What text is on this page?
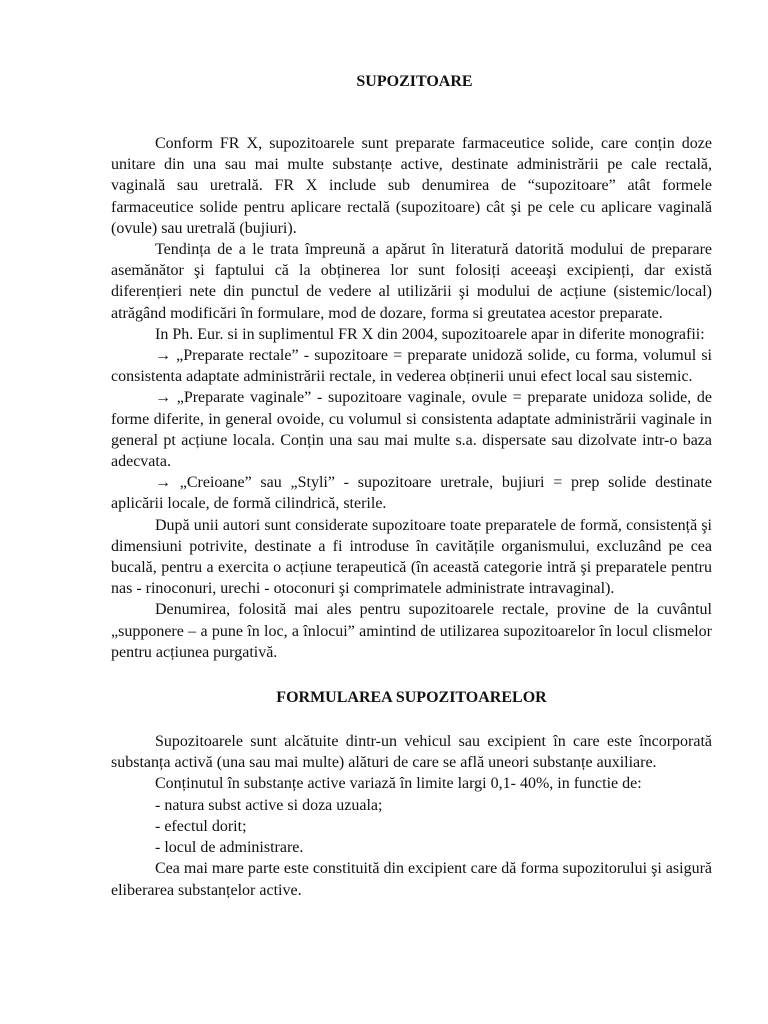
SUPOZITOARE

Conform FR X, supozitoarele sunt preparate farmaceutice solide, care conțin doze unitare din una sau mai multe substanțe active, destinate administrării pe cale rectală, vaginală sau uretrală. FR X include sub denumirea de “supozitoare” atât formele farmaceutice solide pentru aplicare rectală (supozitoare) cât şi pe cele cu aplicare vaginală (ovule) sau uretrală (bujiuri).

Tendința de a le trata împreună a apărut în literatură datorită modului de preparare asemănător şi faptului că la obținerea lor sunt folosiți aceeaşi excipienți, dar există diferențieri nete din punctul de vedere al utilizării şi modului de acțiune (sistemic/local) atrăgând modificări în formulare, mod de dozare, forma si greutatea acestor preparate.

In Ph. Eur. si in suplimentul FR X din 2004, supozitoarele apar in diferite monografii:

→ „Preparate rectale” - supozitoare = preparate unidoză solide, cu forma, volumul si consistenta adaptate administrării rectale, in vederea obținerii unui efect local sau sistemic.

→ „Preparate vaginale” - supozitoare vaginale, ovule = preparate unidoza solide, de forme diferite, in general ovoide, cu volumul si consistenta adaptate administrării vaginale in general pt acțiune locala. Conțin una sau mai multe s.a. dispersate sau dizolvate intr-o baza adecvata.

→ „Creioane” sau „Styli” - supozitoare uretrale, bujiuri = prep solide destinate aplicării locale, de formă cilindrică, sterile.

După unii autori sunt considerate supozitoare toate preparatele de formă, consistență şi dimensiuni potrivite, destinate a fi introduse în cavitățile organismului, excluzând pe cea bucală, pentru a exercita o acțiune terapeutică (în această categorie intră şi preparatele pentru nas - rinoconuri, urechi - otoconuri şi comprimatele administrate intravaginal).

Denumirea, folosită mai ales pentru supozitoarele rectale, provine de la cuvântul „supponere – a pune în loc, a înlocui” amintind de utilizarea supozitoarelor în locul clismelor pentru acțiunea purgativă.

FORMULAREA SUPOZITOARELOR

Supozitoarele sunt alcătuite dintr-un vehicul sau excipient în care este încorporată substanța activă (una sau mai multe) alături de care se află uneori substanțe auxiliare.

Conținutul în substanțe active variază în limite largi 0,1- 40%, in functie de:

- natura subst active si doza uzuala;

- efectul dorit;

- locul de administrare.

Cea mai mare parte este constituită din excipient care dă forma supozitorului şi asigură eliberarea substanțelor active.
